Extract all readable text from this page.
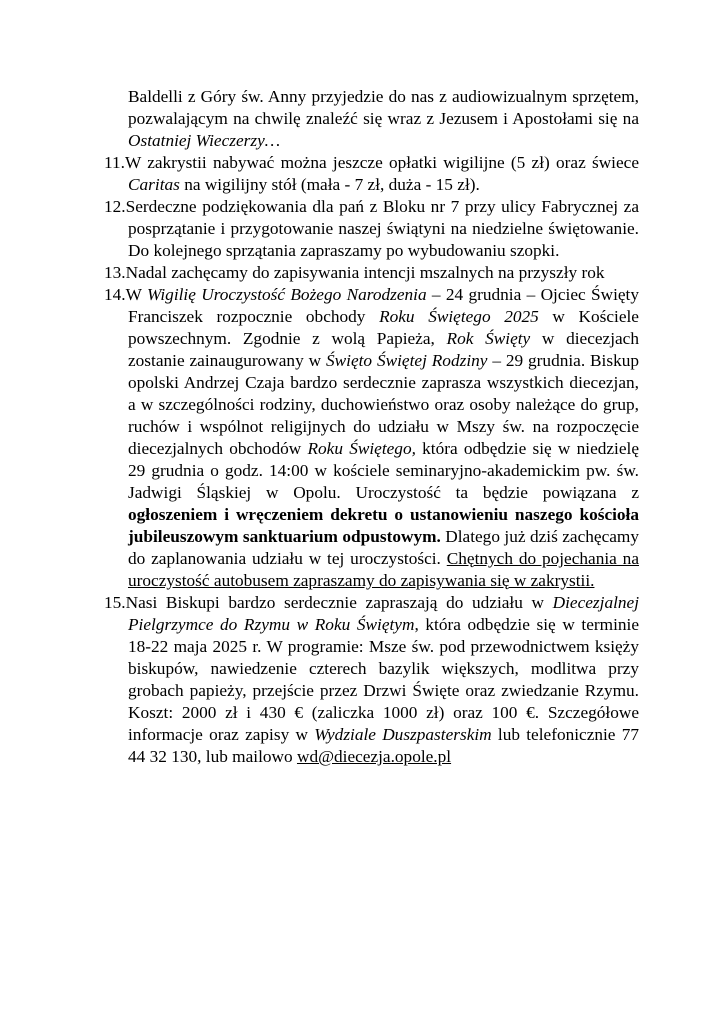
Baldelli z Góry św. Anny przyjedzie do nas z audiowizualnym sprzętem, pozwalającym na chwilę znaleźć się wraz z Jezusem i Apostołami się na Ostatniej Wieczerzy…
11.W zakrystii nabywać można jeszcze opłatki wigilijne (5 zł) oraz świece Caritas na wigilijny stół (mała - 7 zł, duża - 15 zł).
12.Serdeczne podziękowania dla pań z Bloku nr 7 przy ulicy Fabrycznej za posprzątanie i przygotowanie naszej świątyni na niedzielne świętowanie. Do kolejnego sprzątania zapraszamy po wybudowaniu szopki.
13.Nadal zachęcamy do zapisywania intencji mszalnych na przyszły rok
14.W Wigilię Uroczystość Bożego Narodzenia – 24 grudnia – Ojciec Święty Franciszek rozpocznie obchody Roku Świętego 2025 w Kościele powszechnym. Zgodnie z wolą Papieża, Rok Święty w diecezjach zostanie zainaugurowany w Święto Świętej Rodziny – 29 grudnia. Biskup opolski Andrzej Czaja bardzo serdecznie zaprasza wszystkich diecezjan, a w szczególności rodziny, duchowieństwo oraz osoby należące do grup, ruchów i wspólnot religijnych do udziału w Mszy św. na rozpoczęcie diecezjalnych obchodów Roku Świętego, która odbędzie się w niedzielę 29 grudnia o godz. 14:00 w kościele seminaryjno-akademickim pw. św. Jadwigi Śląskiej w Opolu. Uroczystość ta będzie powiązana z ogłoszeniem i wręczeniem dekretu o ustanowieniu naszego kościoła jubileuszowym sanktuarium odpustowym. Dlatego już dziś zachęcamy do zaplanowania udziału w tej uroczystości. Chętnych do pojechania na uroczystość autobusem zapraszamy do zapisywania się w zakrystii.
15.Nasi Biskupi bardzo serdecznie zapraszają do udziału w Diecezjalnej Pielgrzymce do Rzymu w Roku Świętym, która odbędzie się w terminie 18-22 maja 2025 r. W programie: Msze św. pod przewodnictwem księży biskupów, nawiedzenie czterech bazylik większych, modlitwa przy grobach papieży, przejście przez Drzwi Święte oraz zwiedzanie Rzymu. Koszt: 2000 zł i 430 € (zaliczka 1000 zł) oraz 100 €. Szczegółowe informacje oraz zapisy w Wydziale Duszpasterskim lub telefonicznie 77 44 32 130, lub mailowo wd@diecezja.opole.pl
